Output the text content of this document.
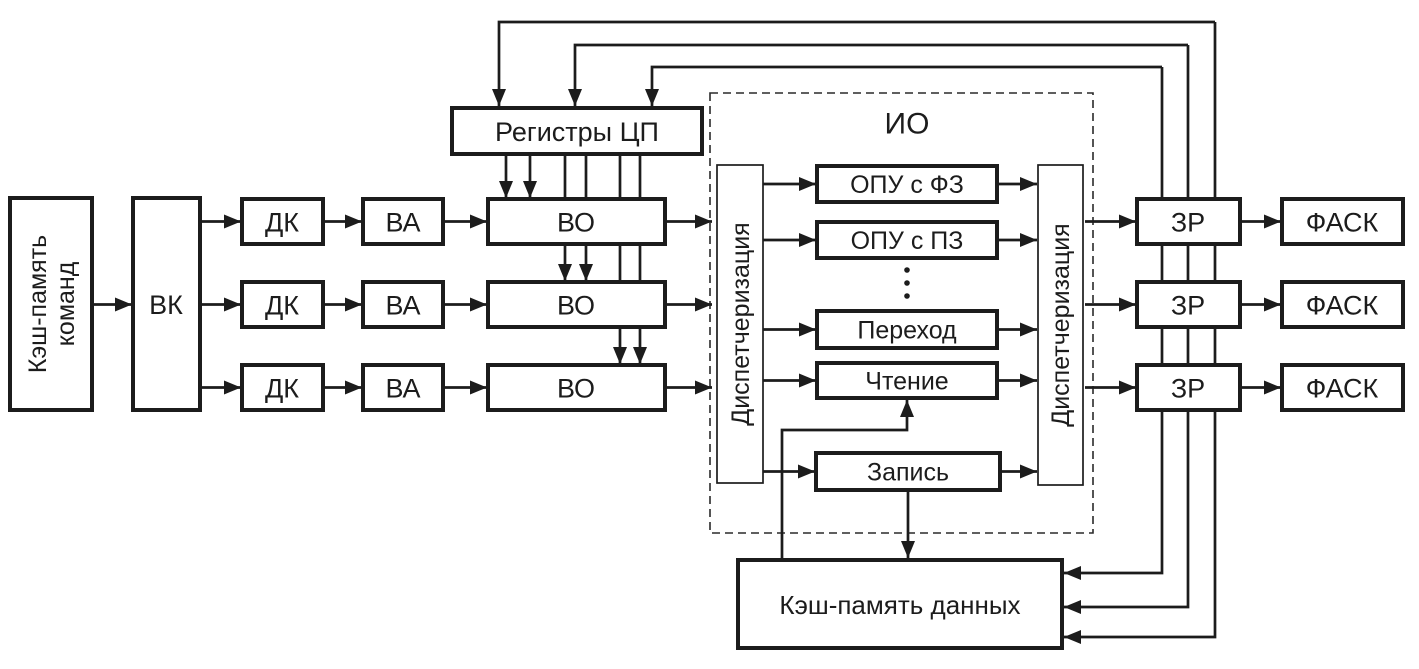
Кэш-память команд	ВК
ДК
ДК
ДК
ВА
ВА
ВА
ВО
ВО
ВО
Регистры ЦП	ИО
Диспетчеризация	Диспетчеризация
ОПУ с ФЗ
ОПУ с ПЗ
Переход
Чтение
Запись
ЗР
ЗР
ЗР
ФАСК
ФАСК
ФАСК
Кэш-память данных
